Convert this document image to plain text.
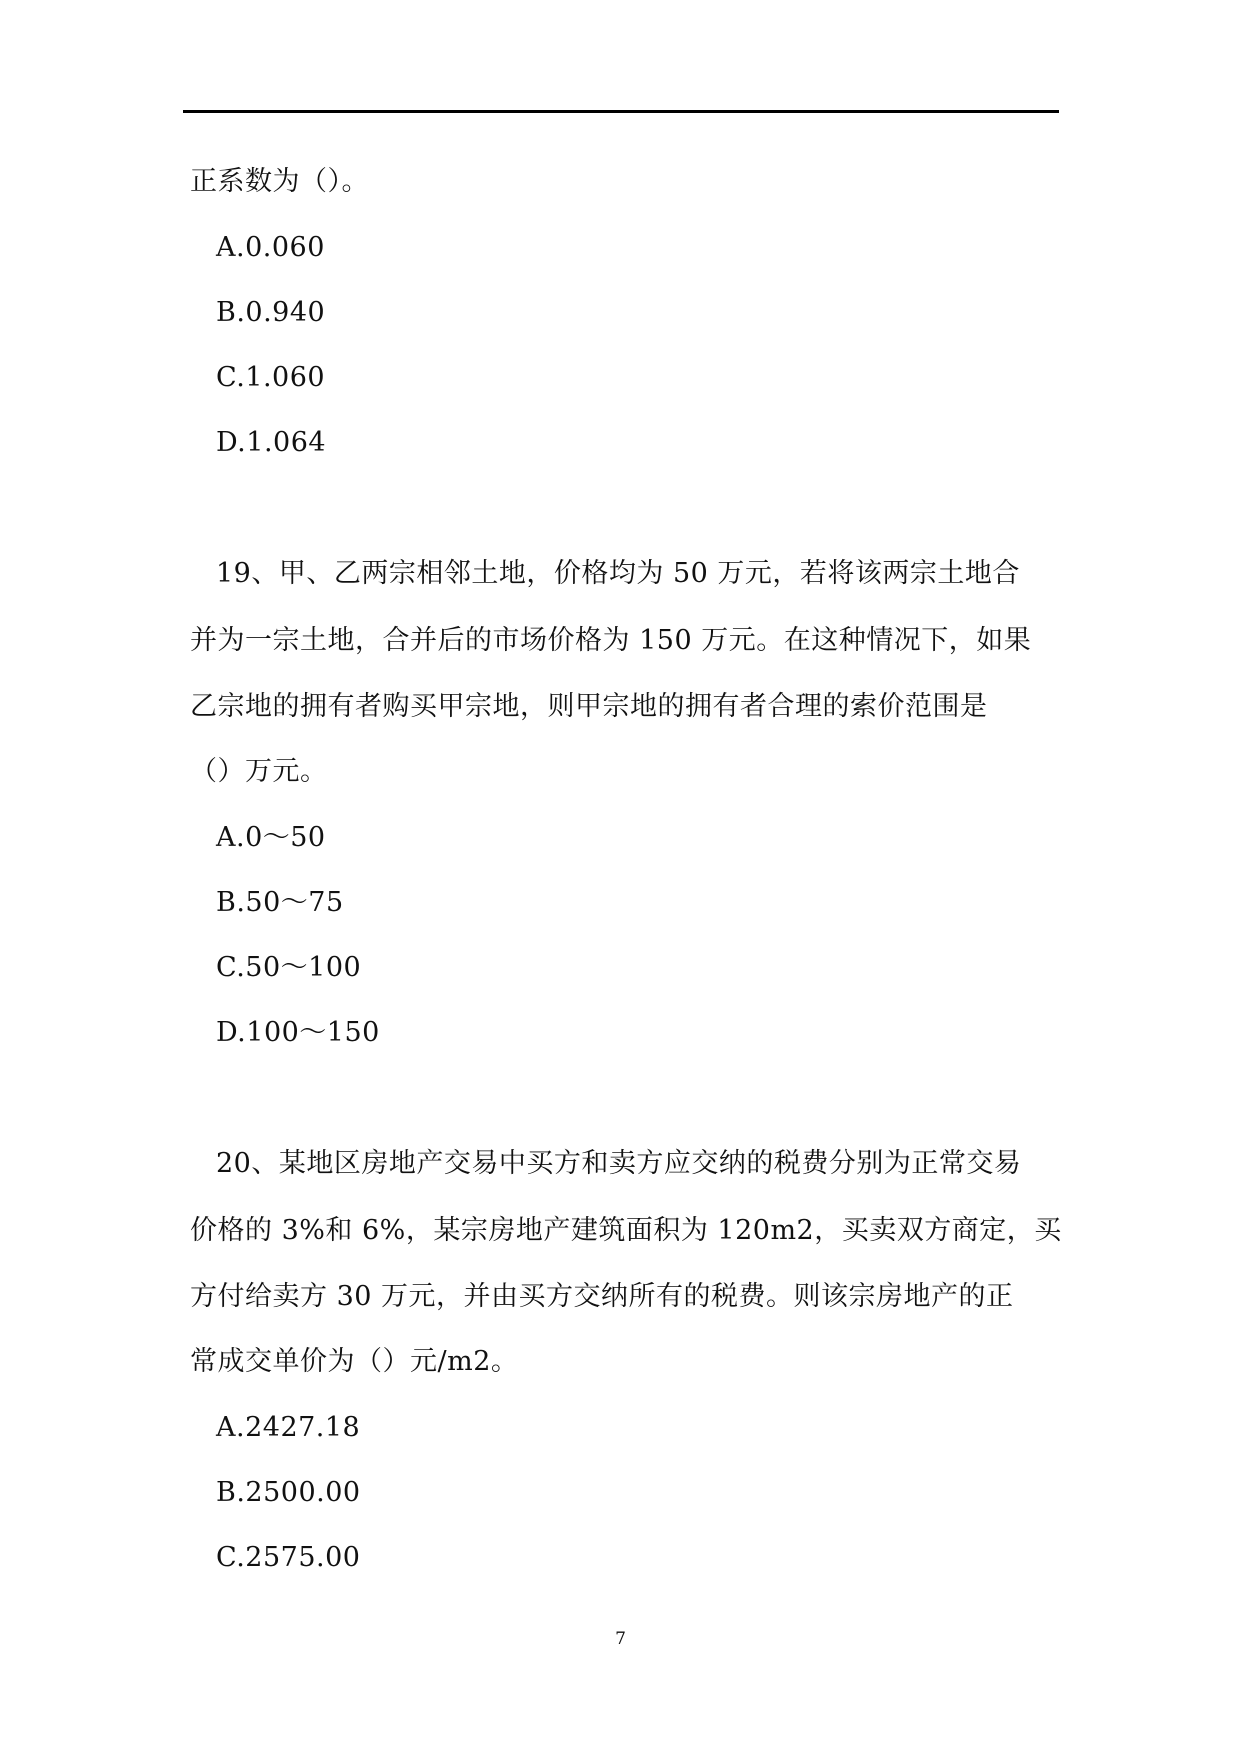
正系数为（）。
A.0.060
B.0.940
C.1.060
D.1.064
19、甲、乙两宗相邻土地，价格均为 50 万元，若将该两宗土地合
并为一宗土地，合并后的市场价格为 150 万元。在这种情况下，如果
乙宗地的拥有者购买甲宗地，则甲宗地的拥有者合理的索价范围是
（）万元。
A.0～50
B.50～75
C.50～100
D.100～150
20、某地区房地产交易中买方和卖方应交纳的税费分别为正常交易
价格的 3%和 6%，某宗房地产建筑面积为 120m2，买卖双方商定，买
方付给卖方 30 万元，并由买方交纳所有的税费。则该宗房地产的正
常成交单价为（）元/m2。
A.2427.18
B.2500.00
C.2575.00
7
